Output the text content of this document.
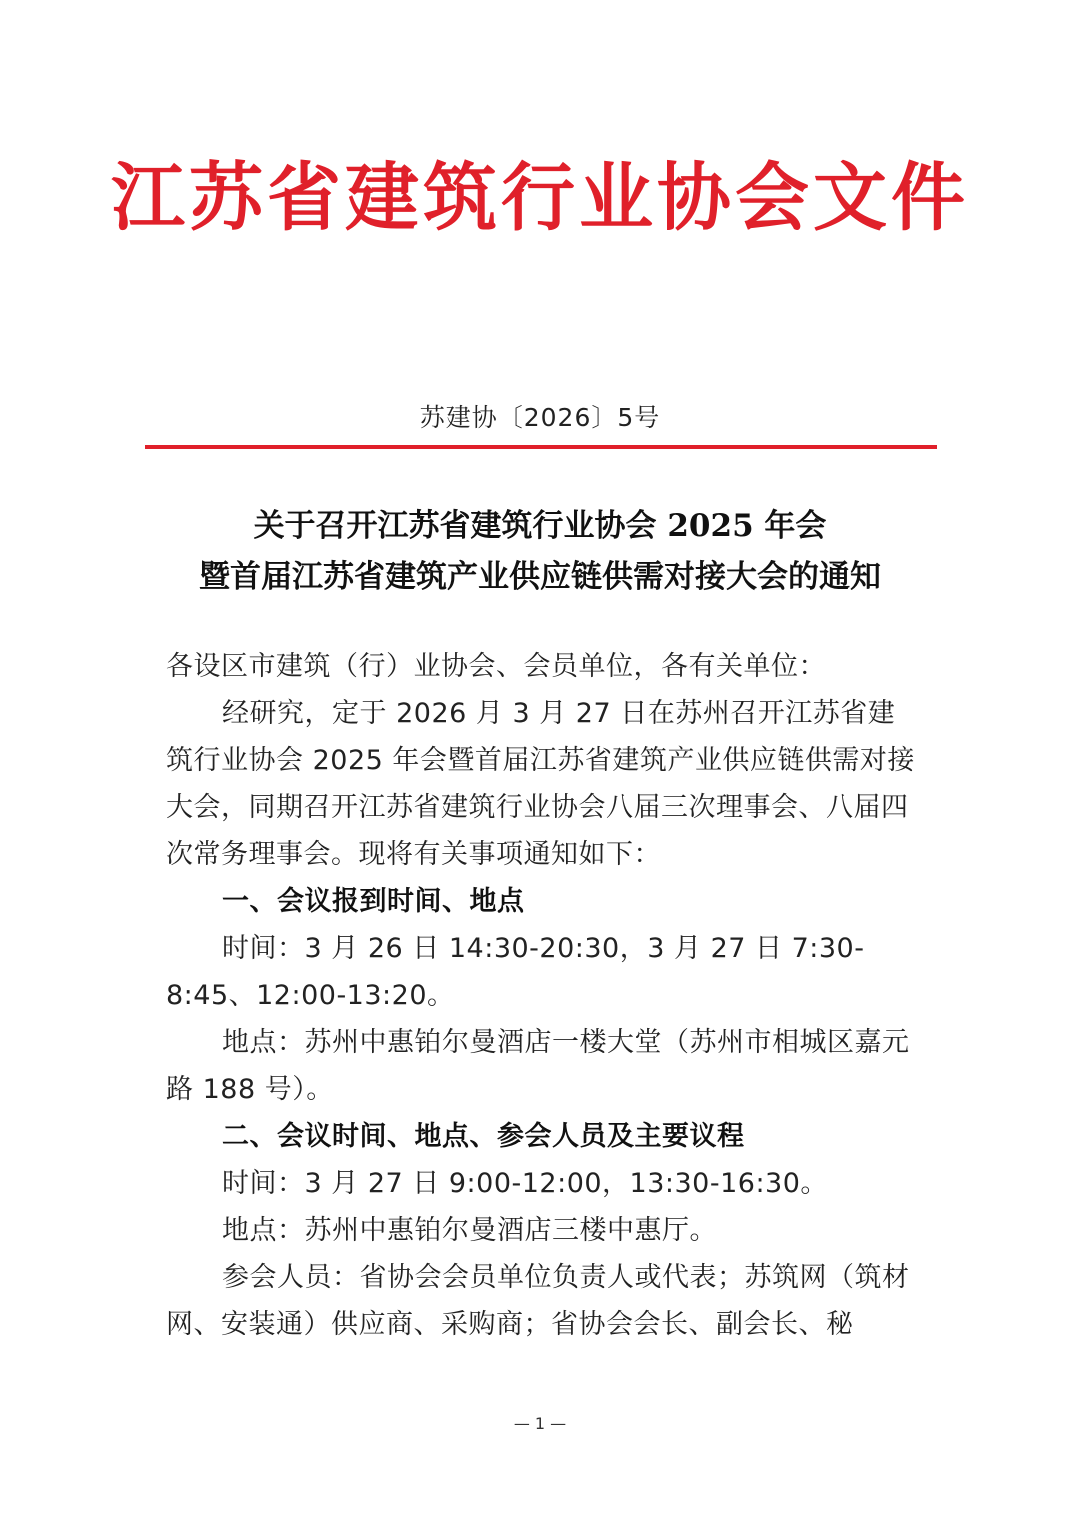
江苏省建筑行业协会文件
苏建协〔2026〕5号
关于召开江苏省建筑行业协会 2025 年会
暨首届江苏省建筑产业供应链供需对接大会的通知

各设区市建筑（行）业协会、会员单位，各有关单位：

经研究，定于 2026 月 3 月 27 日在苏州召开江苏省建筑行业协会 2025 年会暨首届江苏省建筑产业供应链供需对接大会，同期召开江苏省建筑行业协会八届三次理事会、八届四次常务理事会。现将有关事项通知如下：

一、会议报到时间、地点

时间：3 月 26 日 14:30-20:30，3 月 27 日 7:30-8:45、12:00-13:20。

地点：苏州中惠铂尔曼酒店一楼大堂（苏州市相城区嘉元路 188 号）。

二、会议时间、地点、参会人员及主要议程

时间：3 月 27 日 9:00-12:00，13:30-16:30。

地点：苏州中惠铂尔曼酒店三楼中惠厅。

参会人员：省协会会员单位负责人或代表；苏筑网（筑材网、安装通）供应商、采购商；省协会会长、副会长、秘

— 1 —
